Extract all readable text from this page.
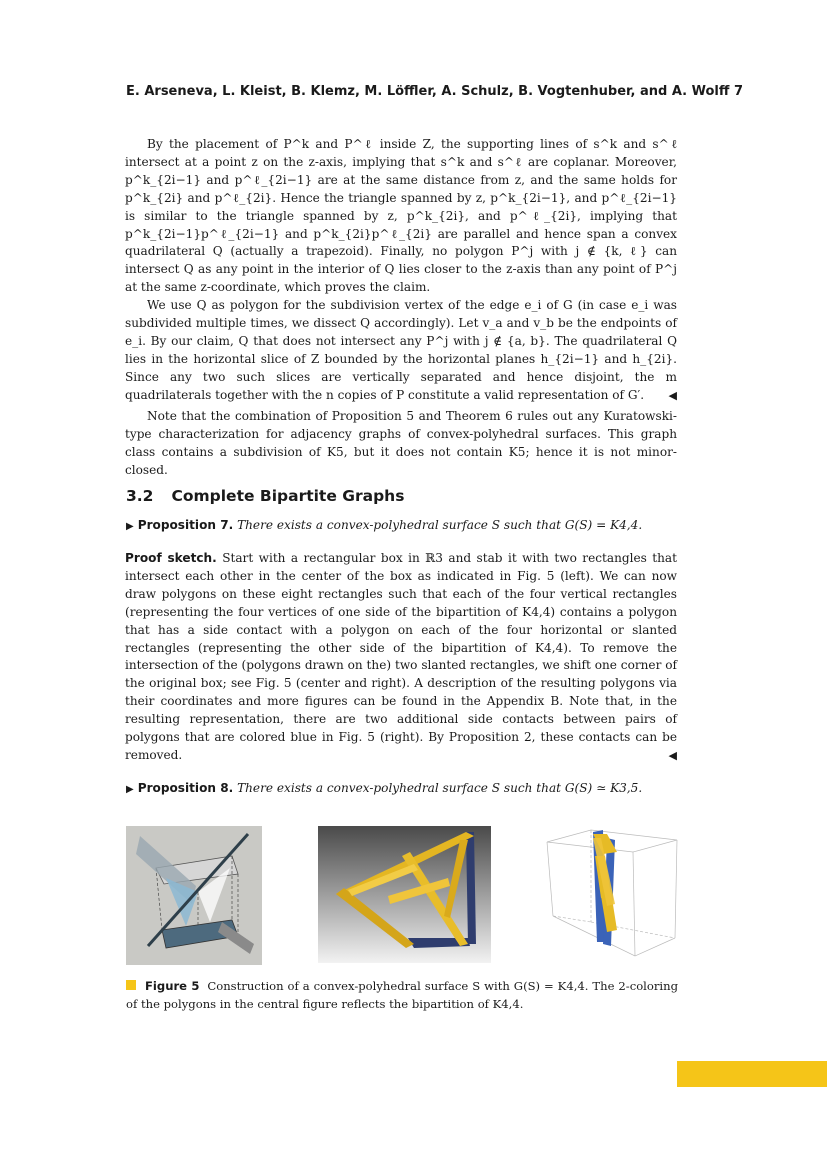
E. Arseneva, L. Kleist, B. Klemz, M. Löffler, A. Schulz, B. Vogtenhuber, and A. Wolff 7

By the placement of P^k and P^ℓ inside Z, the supporting lines of s^k and s^ℓ intersect at a point z on the z-axis, implying that s^k and s^ℓ are coplanar. Moreover, p^k_{2i−1} and p^ℓ_{2i−1} are at the same distance from z, and the same holds for p^k_{2i} and p^ℓ_{2i}. Hence the triangle spanned by z, p^k_{2i−1}, and p^ℓ_{2i−1} is similar to the triangle spanned by z, p^k_{2i}, and p^ℓ_{2i}, implying that p^k_{2i−1}p^ℓ_{2i−1} and p^k_{2i}p^ℓ_{2i} are parallel and hence span a convex quadrilateral Q (actually a trapezoid). Finally, no polygon P^j with j ∉ {k, ℓ} can intersect Q as any point in the interior of Q lies closer to the z-axis than any point of P^j at the same z-coordinate, which proves the claim.

We use Q as polygon for the subdivision vertex of the edge e_i of G (in case e_i was subdivided multiple times, we dissect Q accordingly). Let v_a and v_b be the endpoints of e_i. By our claim, Q that does not intersect any P^j with j ∉ {a, b}. The quadrilateral Q lies in the horizontal slice of Z bounded by the horizontal planes h_{2i−1} and h_{2i}. Since any two such slices are vertically separated and hence disjoint, the m quadrilaterals together with the n copies of P constitute a valid representation of G′.	◀

Note that the combination of Proposition 5 and Theorem 6 rules out any Kuratowski-type characterization for adjacency graphs of convex-polyhedral surfaces. This graph class contains a subdivision of K5, but it does not contain K5; hence it is not minor-closed.

3.2 Complete Bipartite Graphs
▶ Proposition 7. There exists a convex-polyhedral surface S such that G(S) = K4,4.

Proof sketch. Start with a rectangular box in ℝ3 and stab it with two rectangles that intersect each other in the center of the box as indicated in Fig. 5 (left). We can now draw polygons on these eight rectangles such that each of the four vertical rectangles (representing the four vertices of one side of the bipartition of K4,4) contains a polygon that has a side contact with a polygon on each of the four horizontal or slanted rectangles (representing the other side of the bipartition of K4,4). To remove the intersection of the (polygons drawn on the) two slanted rectangles, we shift one corner of the original box; see Fig. 5 (center and right). A description of the resulting polygons via their coordinates and more figures can be found in the Appendix B. Note that, in the resulting representation, there are two additional side contacts between pairs of polygons that are colored blue in Fig. 5 (right). By Proposition 2, these contacts can be removed.	◀

▶ Proposition 8. There exists a convex-polyhedral surface S such that G(S) ≃ K3,5.
Figure 5 Construction of a convex-polyhedral surface S with G(S) = K4,4. The 2-coloring of the polygons in the central figure reflects the bipartition of K4,4.
